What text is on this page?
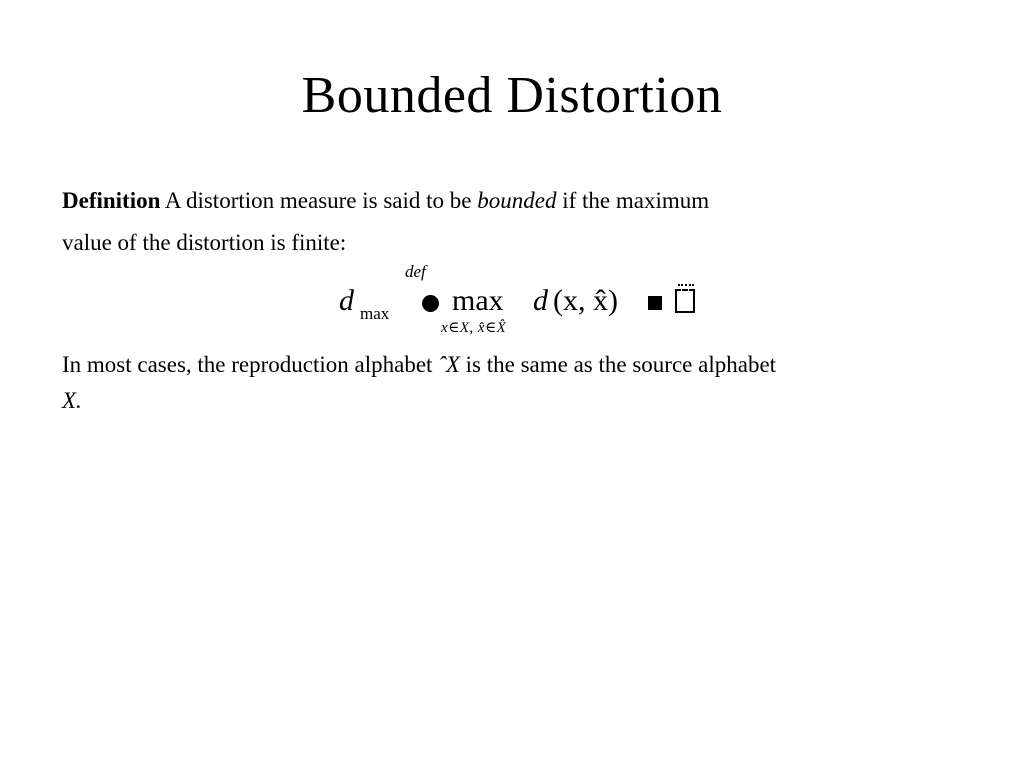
Bounded Distortion
Definition A distortion measure is said to be bounded if the maximum
value of the distortion is finite:
d max
def
max
x∈X, x̂∈X̂
d (x, x̂)
In most cases, the reproduction alphabet ˆX is the same as the source alphabet
X.
